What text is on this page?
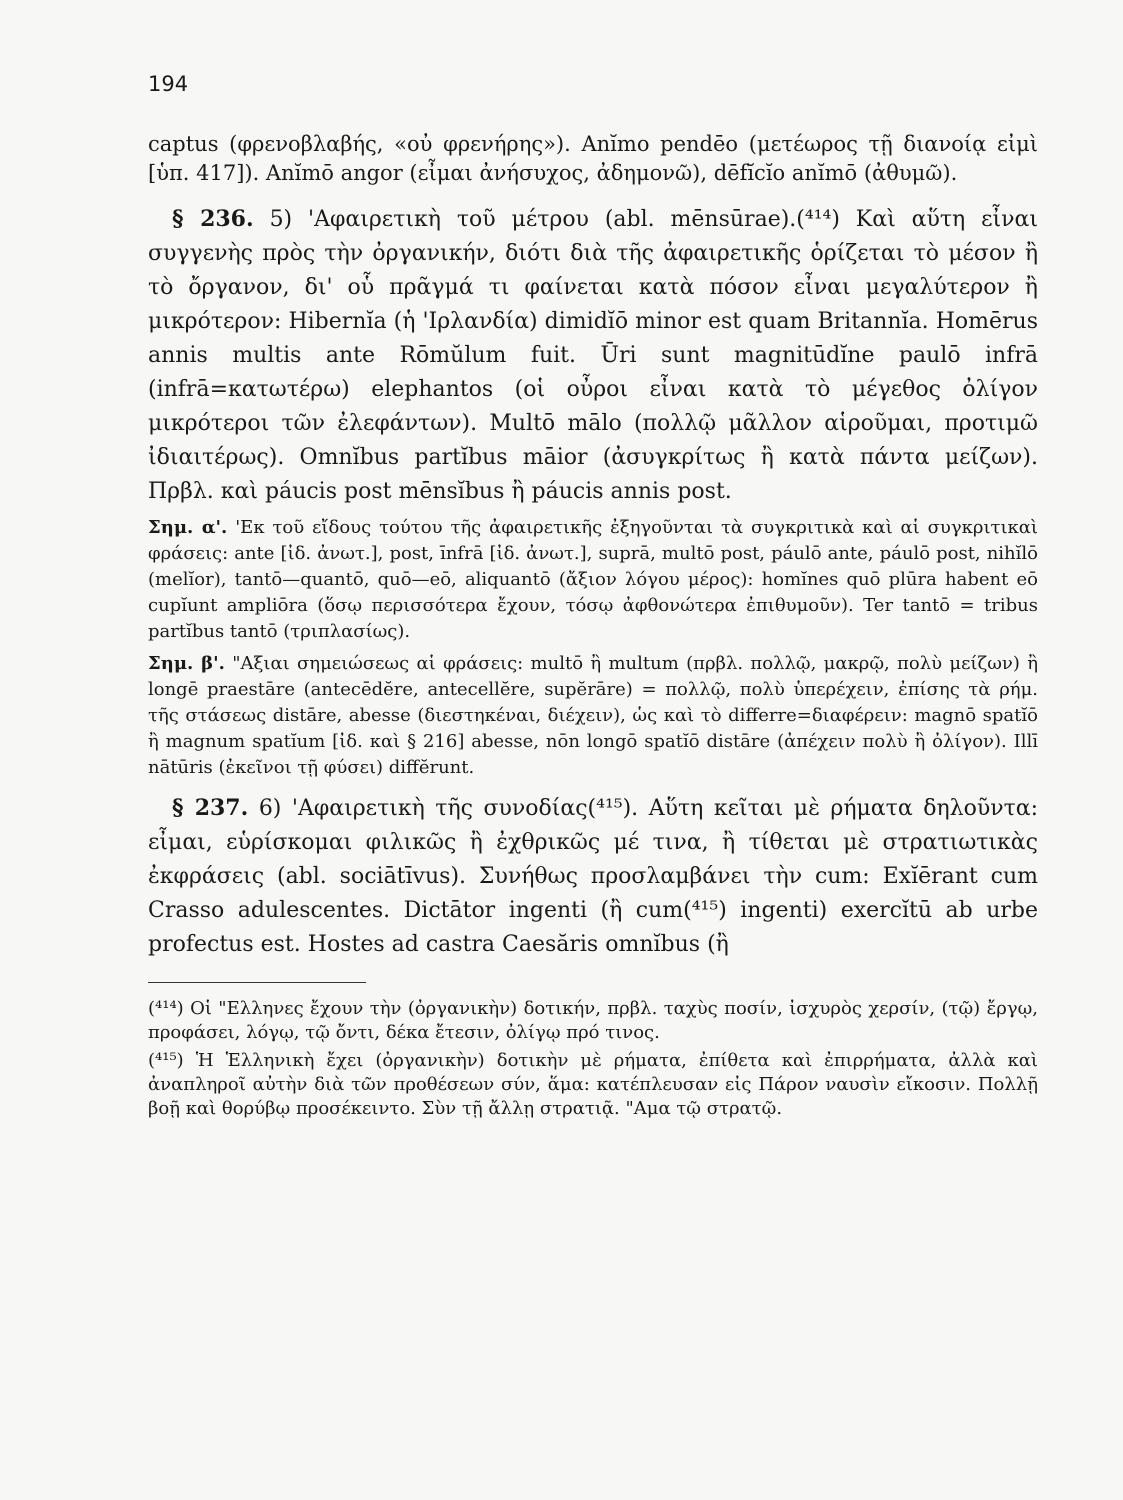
194

captus (φρενοβλαβής, «οὐ φρενήρης»). Anĭmo pendēo (μετέωρος τῇ διανοίᾳ εἰμὶ [ὑπ. 417]). Anĭmō angor (εἶμαι ἀνήσυχος, ἀδημονῶ), dēfĭcĭo anĭmō (ἀθυμῶ).

§ 236. 5) 'Αφαιρετικὴ τοῦ μέτρου (abl. mēnsūrae).(⁴¹⁴) Καὶ αὕτη εἶναι συγγενὴς πρὸς τὴν ὀργανικήν, διότι διὰ τῆς ἀφαιρετικῆς ὁρίζεται τὸ μέσον ἢ τὸ ὄργανον, δι' οὗ πρᾶγμά τι φαίνεται κατὰ πόσον εἶναι μεγαλύτερον ἢ μικρότερον: Hibernĭa (ἡ 'Ιρλανδία) dimidĭō minor est quam Britannĭa. Homērus annis multis ante Rōmŭlum fuit. Ūri sunt magnitūdĭne paulō infrā (infrā=κατωτέρω) elephantos (οἱ οὖροι εἶναι κατὰ τὸ μέγεθος ὀλίγον μικρότεροι τῶν ἐλεφάντων). Multō mālo (πολλῷ μᾶλλον αἱροῦμαι, προτιμῶ ἰδιαιτέρως). Omnĭbus partĭbus māior (ἀσυγκρίτως ἢ κατὰ πάντα μείζων). Πρβλ. καὶ páucis post mēnsĭbus ἢ páucis annis post.

Σημ. α'. 'Εκ τοῦ εἴδους τούτου τῆς ἀφαιρετικῆς ἐξηγοῦνται τὰ συγκριτικὰ καὶ αἱ συγκριτικαὶ φράσεις: ante [ἰδ. ἀνωτ.], post, īnfrā [ἰδ. ἀνωτ.], suprā, multō post, páulō ante, páulō post, nihĭlō (melĭor), tantō—quantō, quō—eō, aliquantō (ἄξιον λόγου μέρος): homĭnes quō plūra habent eō cupĭunt ampliōra (ὅσῳ περισσότερα ἔχουν, τόσῳ ἀφθονώτερα ἐπιθυμοῦν). Ter tantō = tribus partĭbus tantō (τριπλασίως).

Σημ. β'. "Αξιαι σημειώσεως αἱ φράσεις: multō ἢ multum (πρβλ. πολλῷ, μακρῷ, πολὺ μείζων) ἢ longē praestāre (antecēdĕre, antecellĕre, supĕrāre) = πολλῷ, πολὺ ὑπερέχειν, ἐπίσης τὰ ρήμ. τῆς στάσεως distāre, abesse (διεστηκέναι, διέχειν), ὡς καὶ τὸ differre=διαφέρειν: magnō spatĭō ἢ magnum spatĭum [ἰδ. καὶ § 216] abesse, nōn longō spatĭō distāre (ἀπέχειν πολὺ ἢ ὀλίγον). Illī nātūris (ἐκεῖνοι τῇ φύσει) diffĕrunt.

§ 237. 6) 'Αφαιρετικὴ τῆς συνοδίας(⁴¹⁵). Αὕτη κεῖται μὲ ρήματα δηλοῦντα: εἶμαι, εὑρίσκομαι φιλικῶς ἢ ἐχθρικῶς μέ τινα, ἢ τίθεται μὲ στρατιωτικὰς ἐκφράσεις (abl. sociātīvus). Συνήθως προσλαμβάνει τὴν cum: Exĭērant cum Crasso adulescentes. Dictātor ingenti (ἢ cum(⁴¹⁵) ingenti) exercĭtū ab urbe profectus est. Hostes ad castra Caesăris omnĭbus (ἢ

(⁴¹⁴) Οἱ "Ελληνες ἔχουν τὴν (ὀργανικὴν) δοτικήν, πρβλ. ταχὺς ποσίν, ἰσχυρὸς χερσίν, (τῷ) ἔργῳ, προφάσει, λόγῳ, τῷ ὄντι, δέκα ἔτεσιν, ὀλίγῳ πρό τινος.

(⁴¹⁵) Ἡ Ἑλληνικὴ ἔχει (ὀργανικὴν) δοτικὴν μὲ ρήματα, ἐπίθετα καὶ ἐπιρρήματα, ἀλλὰ καὶ ἀναπληροῖ αὐτὴν διὰ τῶν προθέσεων σύν, ἅμα: κατέπλευσαν εἰς Πάρον ναυσὶν εἴκοσιν. Πολλῇ βοῇ καὶ θορύβῳ προσέκειντο. Σὺν τῇ ἄλλῃ στρατιᾷ. "Αμα τῷ στρατῷ.
